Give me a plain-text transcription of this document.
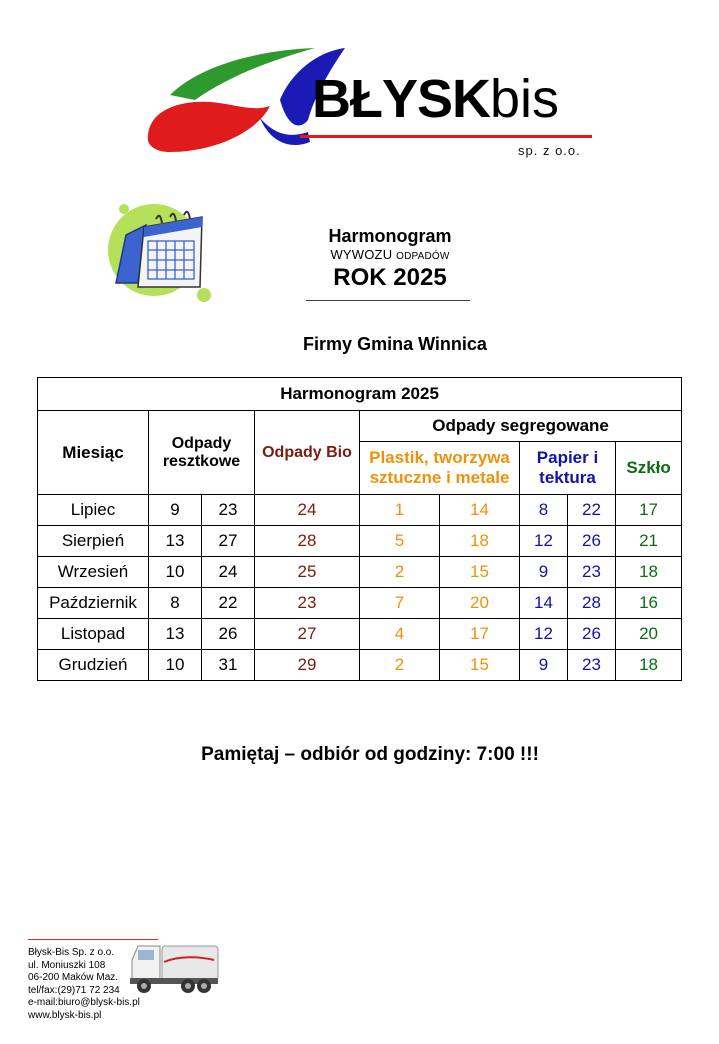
BŁYSKbis
sp. z o.o.
Harmonogram
WYWOZU ODPADÓW
ROK 2025
Firmy Gmina Winnica
Harmonogram 2025								
Miesiąc	Odpady resztkowe		Odpady Bio	Odpady segregowane				
				Plastik, tworzywa sztuczne i metale		Papier i tektura		Szkło
Lipiec	9	23	24	1	14	8	22	17
Sierpień	13	27	28	5	18	12	26	21
Wrzesień	10	24	25	2	15	9	23	18
Październik	8	22	23	7	20	14	28	16
Listopad	13	26	27	4	17	12	26	20
Grudzień	10	31	29	2	15	9	23	18
Pamiętaj – odbiór od godziny: 7:00 !!!
Błysk-Bis Sp. z o.o.
ul. Moniuszki 108
06-200 Maków Maz.
tel/fax:(29)71 72 234
e-mail:biuro@blysk-bis.pl
www.blysk-bis.pl
